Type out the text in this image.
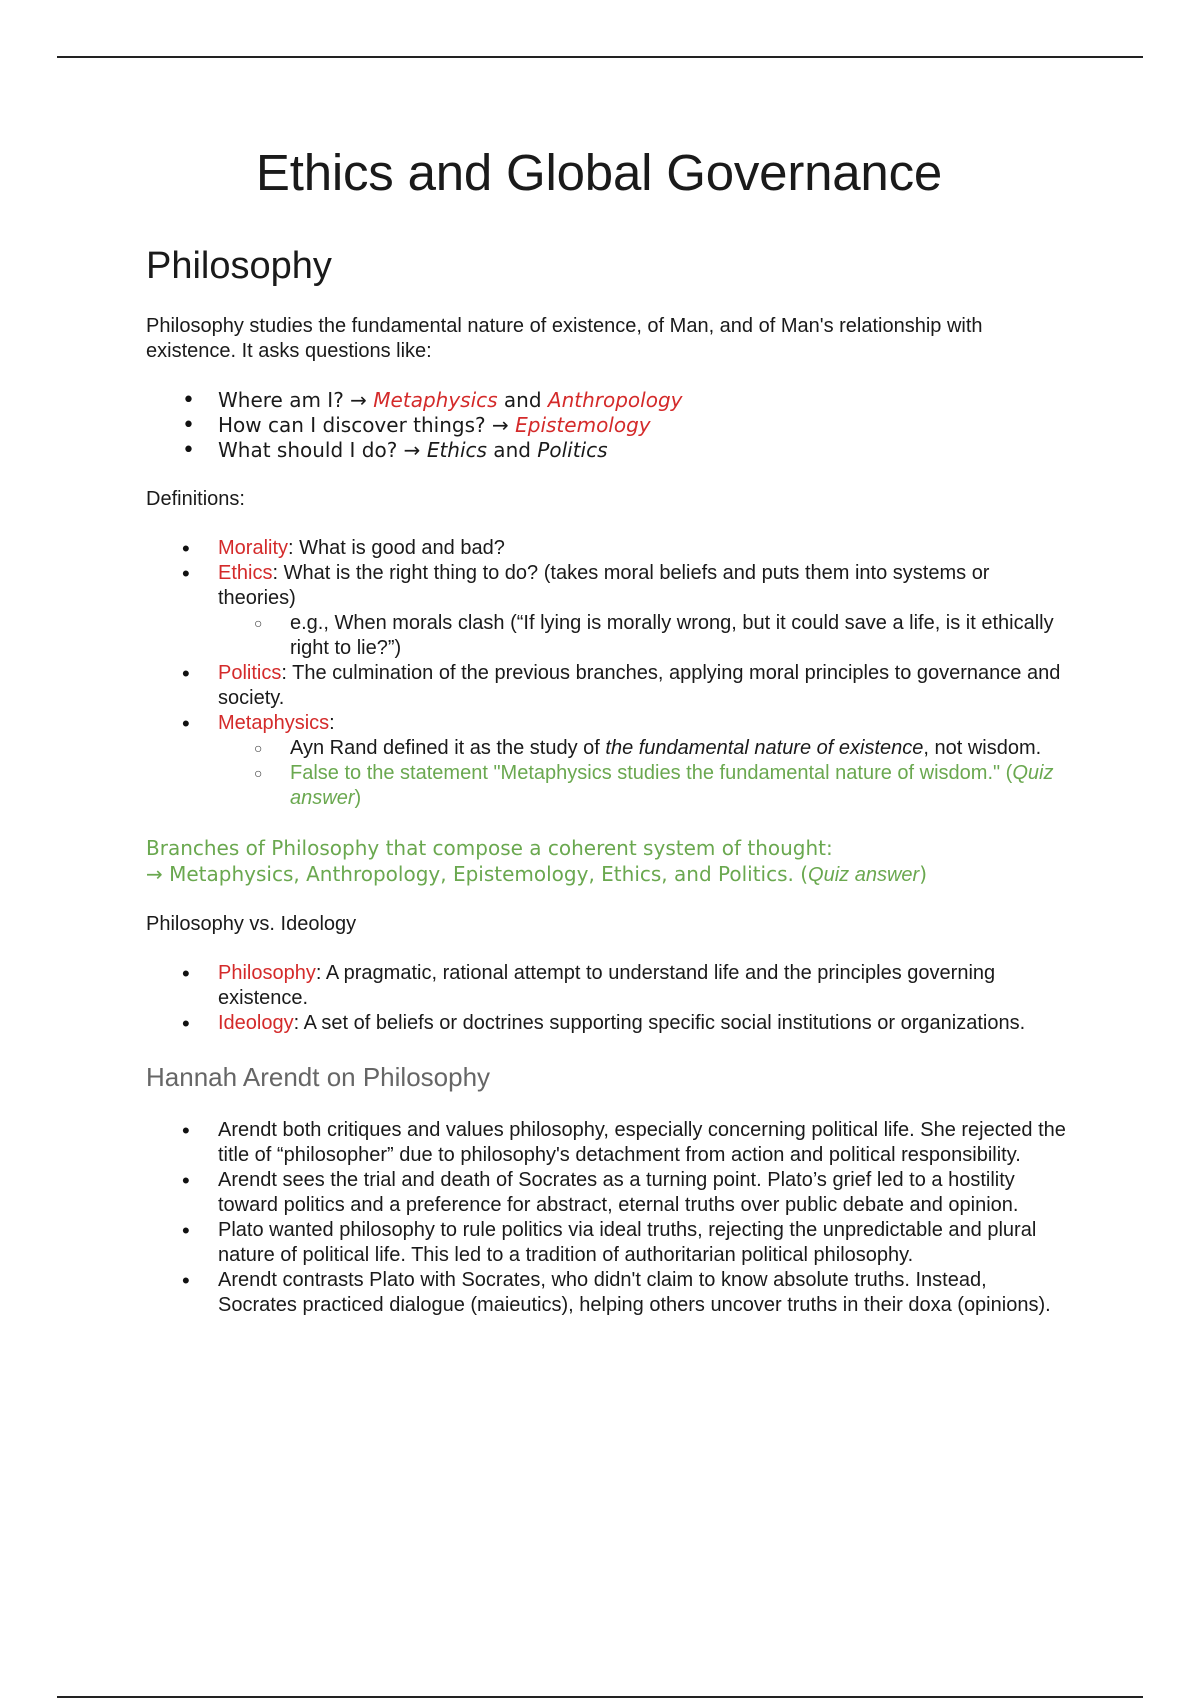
Ethics and Global Governance
Philosophy

Philosophy studies the fundamental nature of existence, of Man, and of Man's relationship with existence. It asks questions like:

• Where am I? → Metaphysics and Anthropology
• How can I discover things? → Epistemology
• What should I do? → Ethics and Politics

Definitions:

• Morality: What is good and bad?
• Ethics: What is the right thing to do? (takes moral beliefs and puts them into systems or theories)
○ e.g., When morals clash (“If lying is morally wrong, but it could save a life, is it ethically right to lie?”)
• Politics: The culmination of the previous branches, applying moral principles to governance and society.
• Metaphysics:
○ Ayn Rand defined it as the study of the fundamental nature of existence, not wisdom.
○ False to the statement "Metaphysics studies the fundamental nature of wisdom." (Quiz answer)

Branches of Philosophy that compose a coherent system of thought:

→ Metaphysics, Anthropology, Epistemology, Ethics, and Politics. (Quiz answer)

Philosophy vs. Ideology

• Philosophy: A pragmatic, rational attempt to understand life and the principles governing existence.
• Ideology: A set of beliefs or doctrines supporting specific social institutions or organizations.
Hannah Arendt on Philosophy
• Arendt both critiques and values philosophy, especially concerning political life. She rejected the title of “philosopher” due to philosophy's detachment from action and political responsibility.
• Arendt sees the trial and death of Socrates as a turning point. Plato’s grief led to a hostility toward politics and a preference for abstract, eternal truths over public debate and opinion.
• Plato wanted philosophy to rule politics via ideal truths, rejecting the unpredictable and plural nature of political life. This led to a tradition of authoritarian political philosophy.
• Arendt contrasts Plato with Socrates, who didn't claim to know absolute truths. Instead, Socrates practiced dialogue (maieutics), helping others uncover truths in their doxa (opinions).
